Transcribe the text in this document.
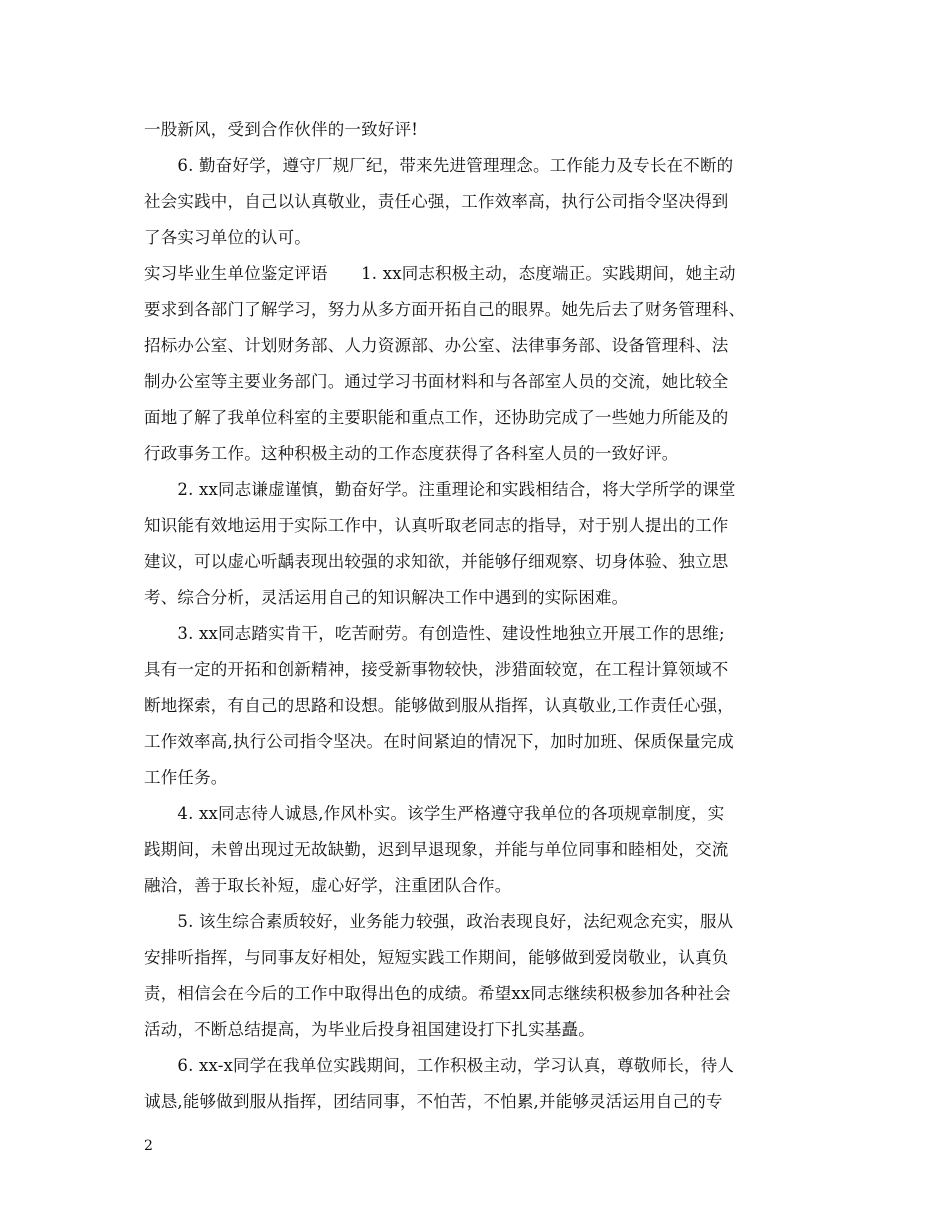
一股新风，受到合作伙伴的一致好评!
　　6. 勤奋好学，遵守厂规厂纪，带来先进管理理念。工作能力及专长在不断的
社会实践中，自己以认真敬业，责任心强，工作效率高，执行公司指令坚决得到
了各实习单位的认可。
实习毕业生单位鉴定评语　　1. xx同志积极主动，态度端正。实践期间，她主动
要求到各部门了解学习，努力从多方面开拓自己的眼界。她先后去了财务管理科、
招标办公室、计划财务部、人力资源部、办公室、法律事务部、设备管理科、法
制办公室等主要业务部门。通过学习书面材料和与各部室人员的交流，她比较全
面地了解了我单位科室的主要职能和重点工作，还协助完成了一些她力所能及的
行政事务工作。这种积极主动的工作态度获得了各科室人员的一致好评。
　　2. xx同志谦虚谨慎，勤奋好学。注重理论和实践相结合，将大学所学的课堂
知识能有效地运用于实际工作中，认真听取老同志的指导，对于别人提出的工作
建议，可以虚心听龋表现出较强的求知欲，并能够仔细观察、切身体验、独立思
考、综合分析，灵活运用自己的知识解决工作中遇到的实际困难。
　　3. xx同志踏实肯干，吃苦耐劳。有创造性、建设性地独立开展工作的思维;
具有一定的开拓和创新精神，接受新事物较快，涉猎面较宽，在工程计算领域不
断地探索，有自己的思路和设想。能够做到服从指挥，认真敬业,工作责任心强，
工作效率高,执行公司指令坚决。在时间紧迫的情况下，加时加班、保质保量完成
工作任务。
　　4. xx同志待人诚恳,作风朴实。该学生严格遵守我单位的各项规章制度，实
践期间，未曾出现过无故缺勤，迟到早退现象，并能与单位同事和睦相处，交流
融洽，善于取长补短，虚心好学，注重团队合作。
　　5. 该生综合素质较好，业务能力较强，政治表现良好，法纪观念充实，服从
安排听指挥，与同事友好相处，短短实践工作期间，能够做到爱岗敬业，认真负
责，相信会在今后的工作中取得出色的成绩。希望xx同志继续积极参加各种社会
活动，不断总结提高，为毕业后投身祖国建设打下扎实基矗。
　　6. xx-x同学在我单位实践期间，工作积极主动，学习认真，尊敬师长，待人
诚恳,能够做到服从指挥，团结同事，不怕苦，不怕累,并能够灵活运用自己的专
2
